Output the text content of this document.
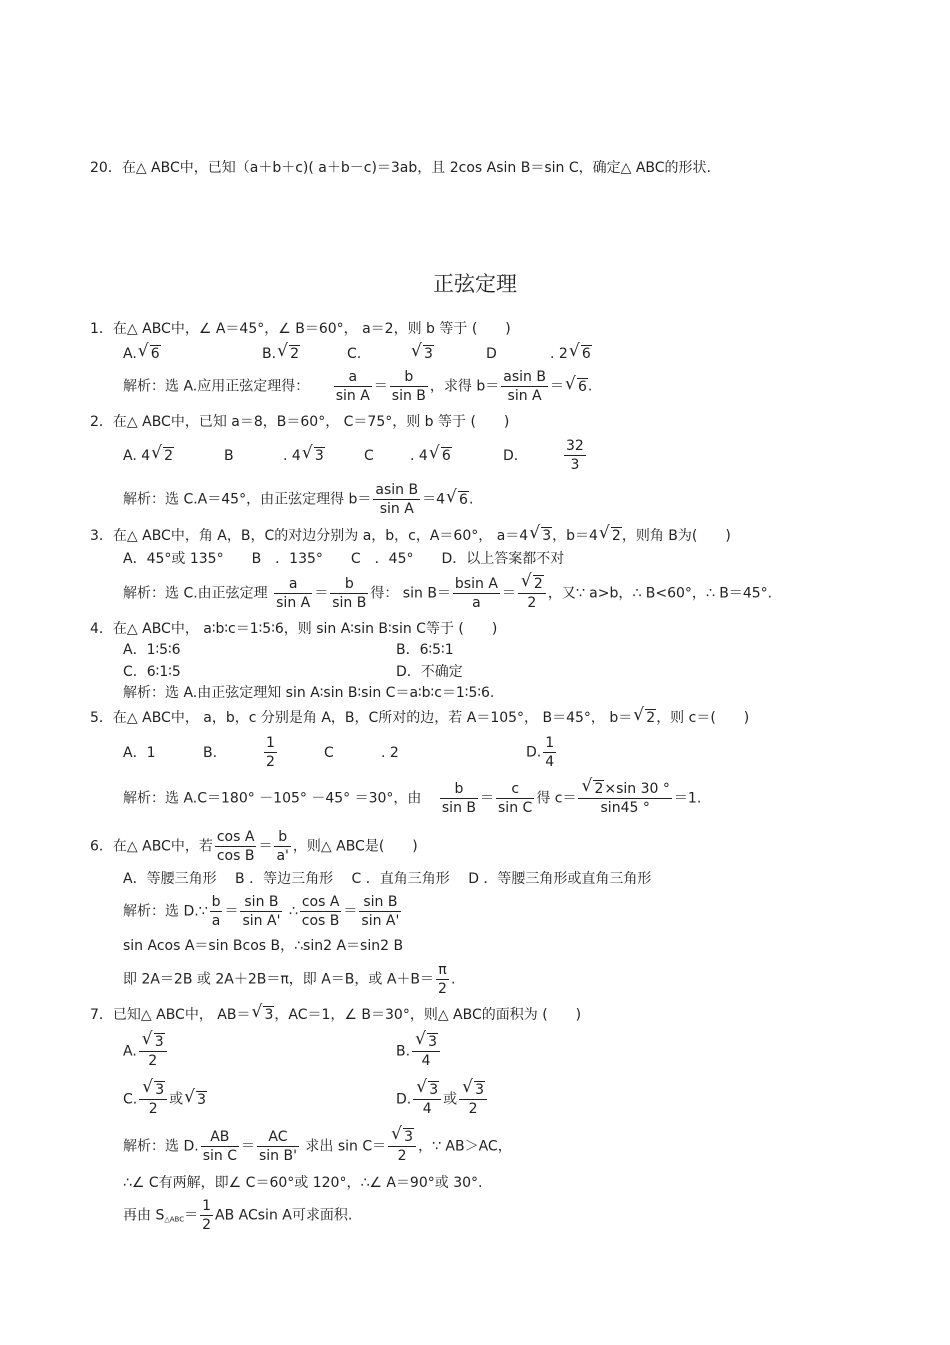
20．在△ ABC中，已知（a＋b＋c)( a＋b－c)＝3ab，且 2cos Asin B＝sin C，确定△ ABC的形状.
正弦定理
1．在△ ABC中，∠ A＝45°，∠ B＝60°， a＝2，则 b 等于 (　　)
A.√ 6	B.√ 2	C.
√	3	D	. 2√ 6
解析：选 A.应用正弦定理得： $\frac{a}{\text{sin A}} = \frac{b}{\text{sin B}}$ ，求得 $b= \frac{\text{asin B}}{\text{sin A}}$ ＝√ 6.
2．在△ ABC中，已知 a＝8，B＝60°， C＝75°，则 b 等于 (　　)
A. 4√ 2	B	. 4√ 3	C	. 4√ 6	D.	$\frac{32}{3}$
解析：选 C.A＝45°，由正弦定理得 $b= \frac{\text{asin B}}{\text{sin A}} =4√$ 6.
3．在△ ABC中，角 A，B，C的对边分别为 a，b，c，A＝60°， a＝4√ 3，b＝4√ 2，则角 B为(　　)
A．45°或 135°　　B　．135°　　C　．45°　　D．以上答案都不对
解析：选 C.由正弦定理 $\frac{a}{\text{sin A}} = \frac{b}{\text{sin B}}$ 得： $\sin B= \frac{\text{bsin A}}{a}$ ＝
√ $\frac{2}{2}$ ，又∵ a>b，∴ B<60°，∴ B＝45°.
4．在△ ABC中， a∶b∶c＝1∶5∶6，则 sin A∶sin B∶sin C等于 (　　)
A．1∶5∶6	B．6∶5∶1
C．6∶1∶5	D．不确定
解析：选 A.由正弦定理知 sin A∶sin B∶sin C＝a∶b∶c＝1∶5∶6.
5．在△ ABC中， a，b，c 分别是角 A，B，C所对的边，若 A＝105°， B＝45°， b＝√ 2，则 c＝(　　)
A．1	B.	$\frac{1}{2}$	C	. 2	D. $\frac{1}{4}$
解析：选 A.C＝180° －105° －45° ＝30°，由 $\frac{b}{\text{sin B}} = \frac{c}{\text{sin C}}$ 得 c＝
√ $\frac{2\times\sin 30 ^\circ}{\sin 45 ^\circ} =1$.
6．在△ ABC中，若 $\frac{\text{cos A}}{\text{cos B}} = \frac{b}{a'}$ ，则△ ABC是(　　)
A．等腰三角形　 B ．等边三角形　 C ．直角三角形　 D ．等腰三角形或直角三角形
解析：选 D.∵ $\frac{b}{a} = \frac{\text{sin B}}{\text{sin A'}}$ ∴ $\frac{\text{cos A}}{\text{cos B}} = \frac{\text{sin B}}{\text{sin A'}}$
sin Acos A＝sin Bcos B，∴sin2 A＝sin2 B
即 2A＝2B 或 2A＋2B＝π，即 A＝B，或 $A+B= \frac{\pi}{2}$ .
7．已知△ ABC中， AB＝√ 3，AC＝1，∠ B＝30°，则△ ABC的面积为 (　　)
A.
√ $\frac{3}{2}$	B.
√ $\frac{3}{4}$
C.
√ $\frac{3}{2}$ 或√ 3	D.
√ $\frac{3}{4}$ 或
√ $\frac{3}{2}$
解析：选 D. $\frac{AB}{\text{sin C}} = \frac{AC}{\text{sin B'}}$ 求出 sin C＝
√ $\frac{3}{2}$ ，∵ AB＞AC，
∴∠ C有两解，即∠ C＝60°或 120°，∴∠ A＝90°或 30°.
再由 $S_{\triangle ABC}= \frac{1}{2}$ AB ACsin A可求面积.
